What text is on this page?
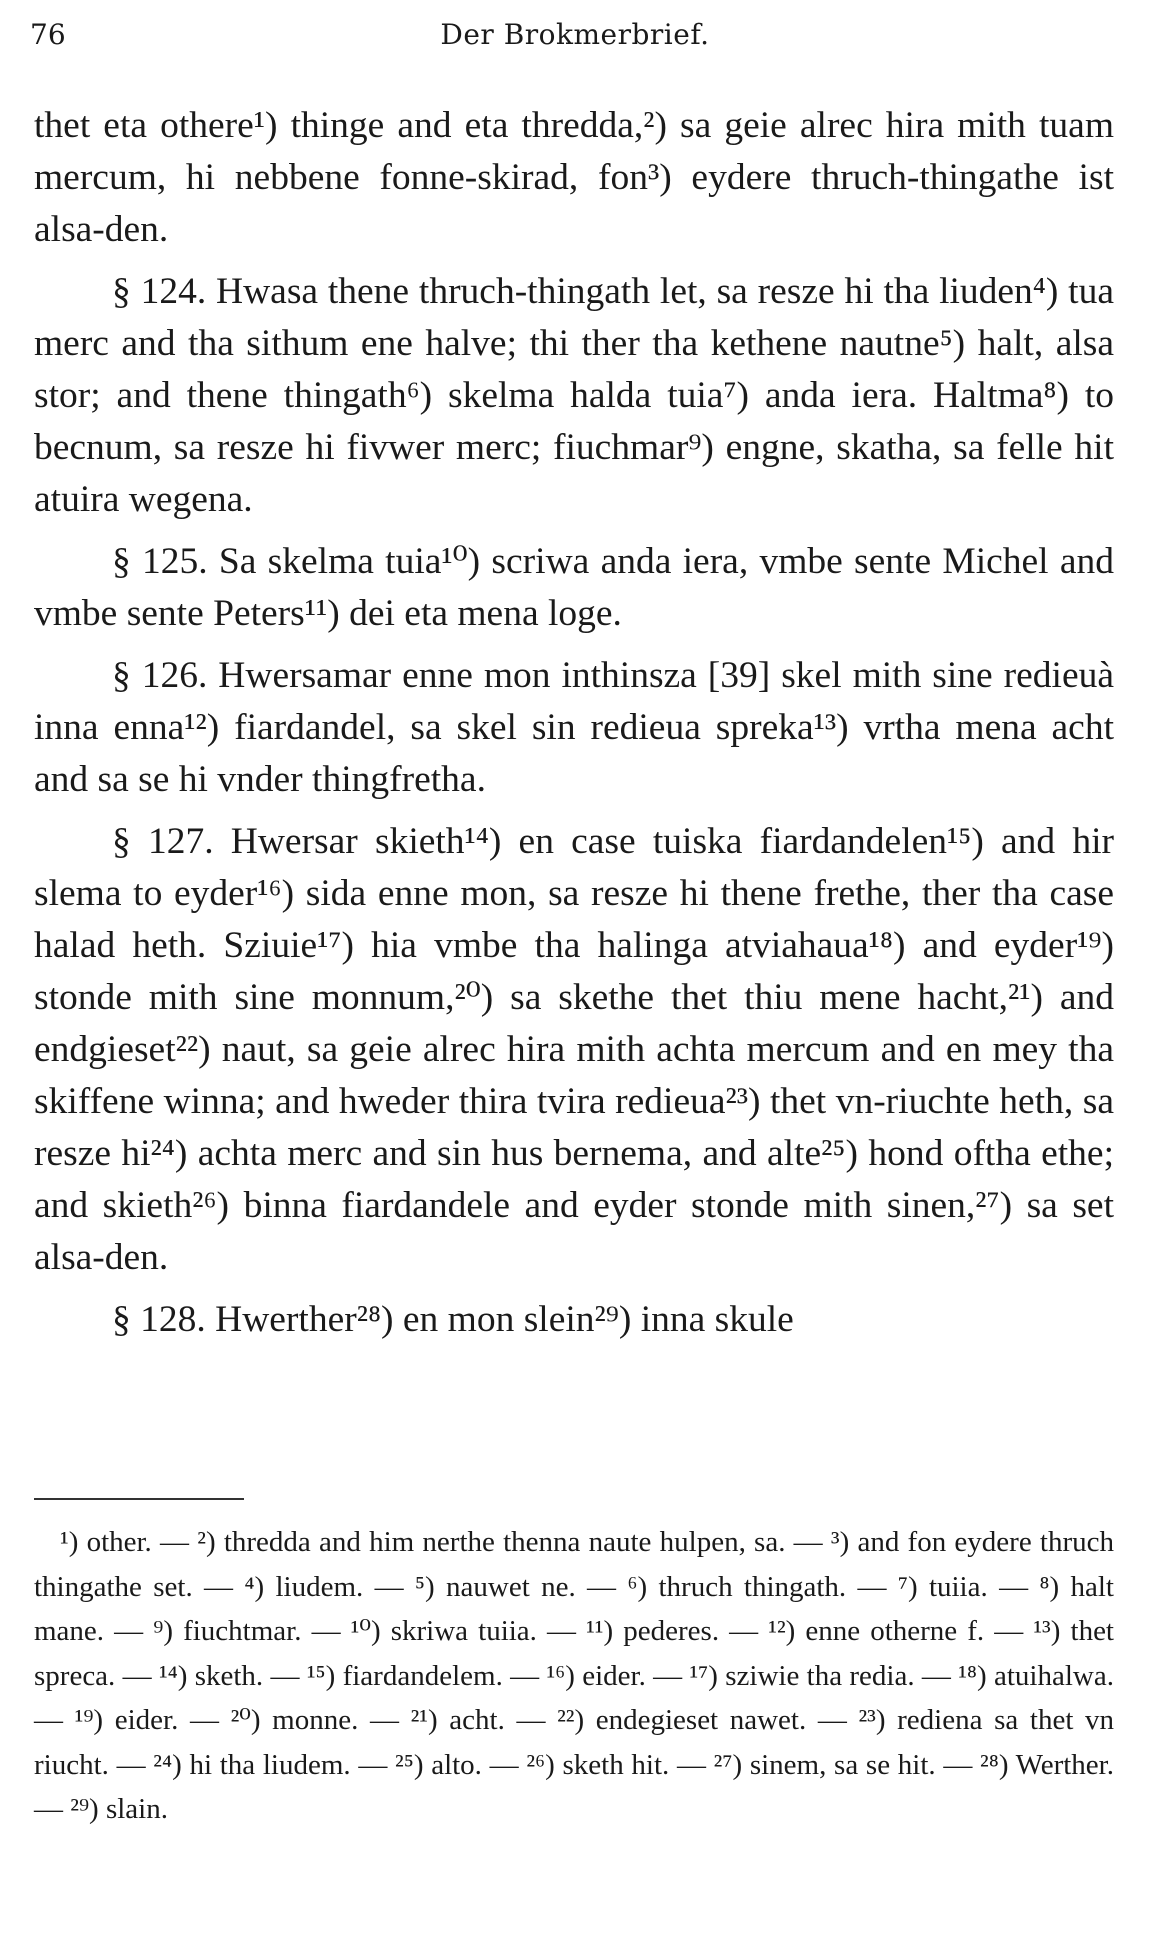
76	Der Brokmerbrief.

thet eta othere¹) thinge and eta thredda,²) sa geie alrec hira mith tuam mercum, hi nebbene fonne-skirad, fon³) eydere thruch-thingathe ist alsa-den.

§ 124. Hwasa thene thruch-thingath let, sa resze hi tha liuden⁴) tua merc and tha sithum ene halve; thi ther tha kethene nautne⁵) halt, alsa stor; and thene thingath⁶) skelma halda tuia⁷) anda iera. Haltma⁸) to becnum, sa resze hi fivwer merc; fiuchmar⁹) engne, skatha, sa felle hit atuira wegena.

§ 125. Sa skelma tuia¹⁰) scriwa anda iera, vmbe sente Michel and vmbe sente Peters¹¹) dei eta mena loge.

§ 126. Hwersamar enne mon inthinsza [39] skel mith sine redieuà inna enna¹²) fiardandel, sa skel sin redieua spreka¹³) vrtha mena acht and sa se hi vnder thingfretha.

§ 127. Hwersar skieth¹⁴) en case tuiska fiardandelen¹⁵) and hir slema to eyder¹⁶) sida enne mon, sa resze hi thene frethe, ther tha case halad heth. Sziuie¹⁷) hia vmbe tha halinga atviahaua¹⁸) and eyder¹⁹) stonde mith sine monnum,²⁰) sa skethe thet thiu mene hacht,²¹) and endgieset²²) naut, sa geie alrec hira mith achta mercum and en mey tha skiffene winna; and hweder thira tvira redieua²³) thet vn-riuchte heth, sa resze hi²⁴) achta merc and sin hus bernema, and alte²⁵) hond oftha ethe; and skieth²⁶) binna fiardandele and eyder stonde mith sinen,²⁷) sa set alsa-den.

§ 128. Hwerther²⁸) en mon slein²⁹) inna skule

¹) other. — ²) thredda and him nerthe thenna naute hulpen, sa. — ³) and fon eydere thruch thingathe set. — ⁴) liudem. — ⁵) nauwet ne. — ⁶) thruch thingath. — ⁷) tuiia. — ⁸) halt mane. — ⁹) fiuchtmar. — ¹⁰) skriwa tuiia. — ¹¹) pederes. — ¹²) enne otherne f. — ¹³) thet spreca. — ¹⁴) sketh. — ¹⁵) fiardandelem. — ¹⁶) eider. — ¹⁷) sziwie tha redia. — ¹⁸) atuihalwa. — ¹⁹) eider. — ²⁰) monne. — ²¹) acht. — ²²) endegieset nawet. — ²³) rediena sa thet vn riucht. — ²⁴) hi tha liudem. — ²⁵) alto. — ²⁶) sketh hit. — ²⁷) sinem, sa se hit. — ²⁸) Werther. — ²⁹) slain.
